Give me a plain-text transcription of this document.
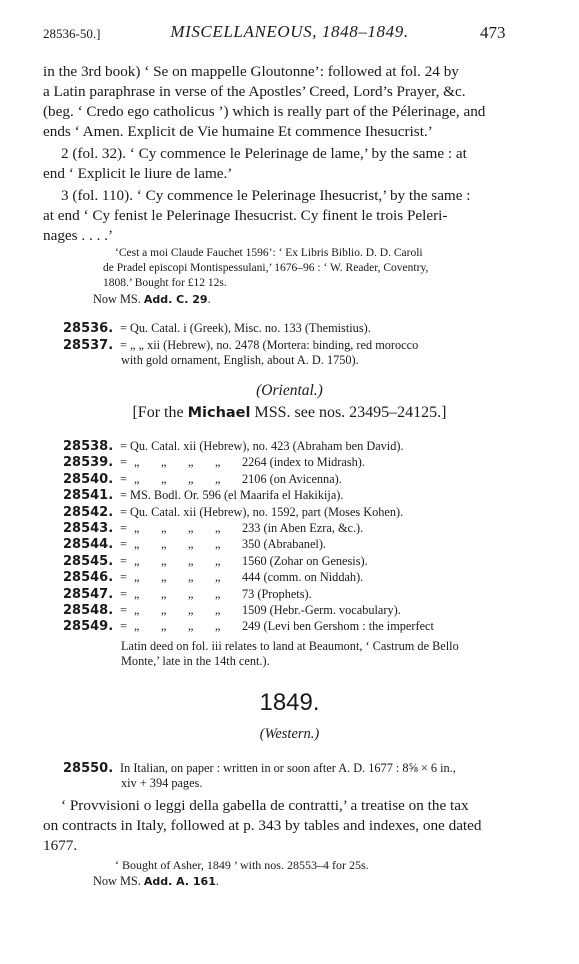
28536-50.]	MISCELLANEOUS, 1848–1849.	473
in the 3rd book) ‘ Se on mappelle Gloutonne’: followed at fol. 24 by
a Latin paraphrase in verse of the Apostles’ Creed, Lord’s Prayer, &c.
(beg. ‘ Credo ego catholicus ’) which is really part of the Pélerinage, and
ends ‘ Amen. Explicit de Vie humaine Et commence Ihesucrist.’
2 (fol. 32). ‘ Cy commence le Pelerinage de lame,’ by the same : at
end ‘ Explicit le liure de lame.’
3 (fol. 110). ‘ Cy commence le Pelerinage Ihesucrist,’ by the same :
at end ‘ Cy fenist le Pelerinage Ihesucrist. Cy finent le trois Peleri-
nages . . . .’
‘Cest a moi Claude Fauchet 1596’: ‘ Ex Libris Biblio. D. D. Caroli
de Pradel episcopi Montispessulani,’ 1676–96 : ‘ W. Reader, Coventry,
1808.’ Bought for £12 12s.
Now MS. Add. C. 29.
28536. = Qu. Catal. i (Greek), Misc. no. 133 (Themistius).
28537. = „ „ xii (Hebrew), no. 2478 (Mortera: binding, red morocco
with gold ornament, English, about A. D. 1750).
(Oriental.)
[For the Michael MSS. see nos. 23495–24125.]
28538. = Qu. Catal. xii (Hebrew), no. 423 (Abraham ben David).
28539. = „ „ „ „ 2264 (index to Midrash).
28540. = „ „ „ „ 2106 (on Avicenna).
28541. = MS. Bodl. Or. 596 (el Maarifa el Hakikija).
28542. = Qu. Catal. xii (Hebrew), no. 1592, part (Moses Kohen).
28543. = „ „ „ „ 233 (in Aben Ezra, &c.).
28544. = „ „ „ „ 350 (Abrabanel).
28545. = „ „ „ „ 1560 (Zohar on Genesis).
28546. = „ „ „ „ 444 (comm. on Niddah).
28547. = „ „ „ „ 73 (Prophets).
28548. = „ „ „ „ 1509 (Hebr.-Germ. vocabulary).
28549. = „ „ „ „ 249 (Levi ben Gershom : the imperfect
Latin deed on fol. iii relates to land at Beaumont, ‘ Castrum de Bello
Monte,’ late in the 14th cent.).
1849.
(Western.)
28550. In Italian, on paper : written in or soon after A. D. 1677 : 8⅝ × 6 in.,
xiv + 394 pages.
‘ Provvisioni o leggi della gabella de contratti,’ a treatise on the tax
on contracts in Italy, followed at p. 343 by tables and indexes, one dated
1677.
‘ Bought of Asher, 1849 ’ with nos. 28553–4 for 25s.
Now MS. Add. A. 161.
